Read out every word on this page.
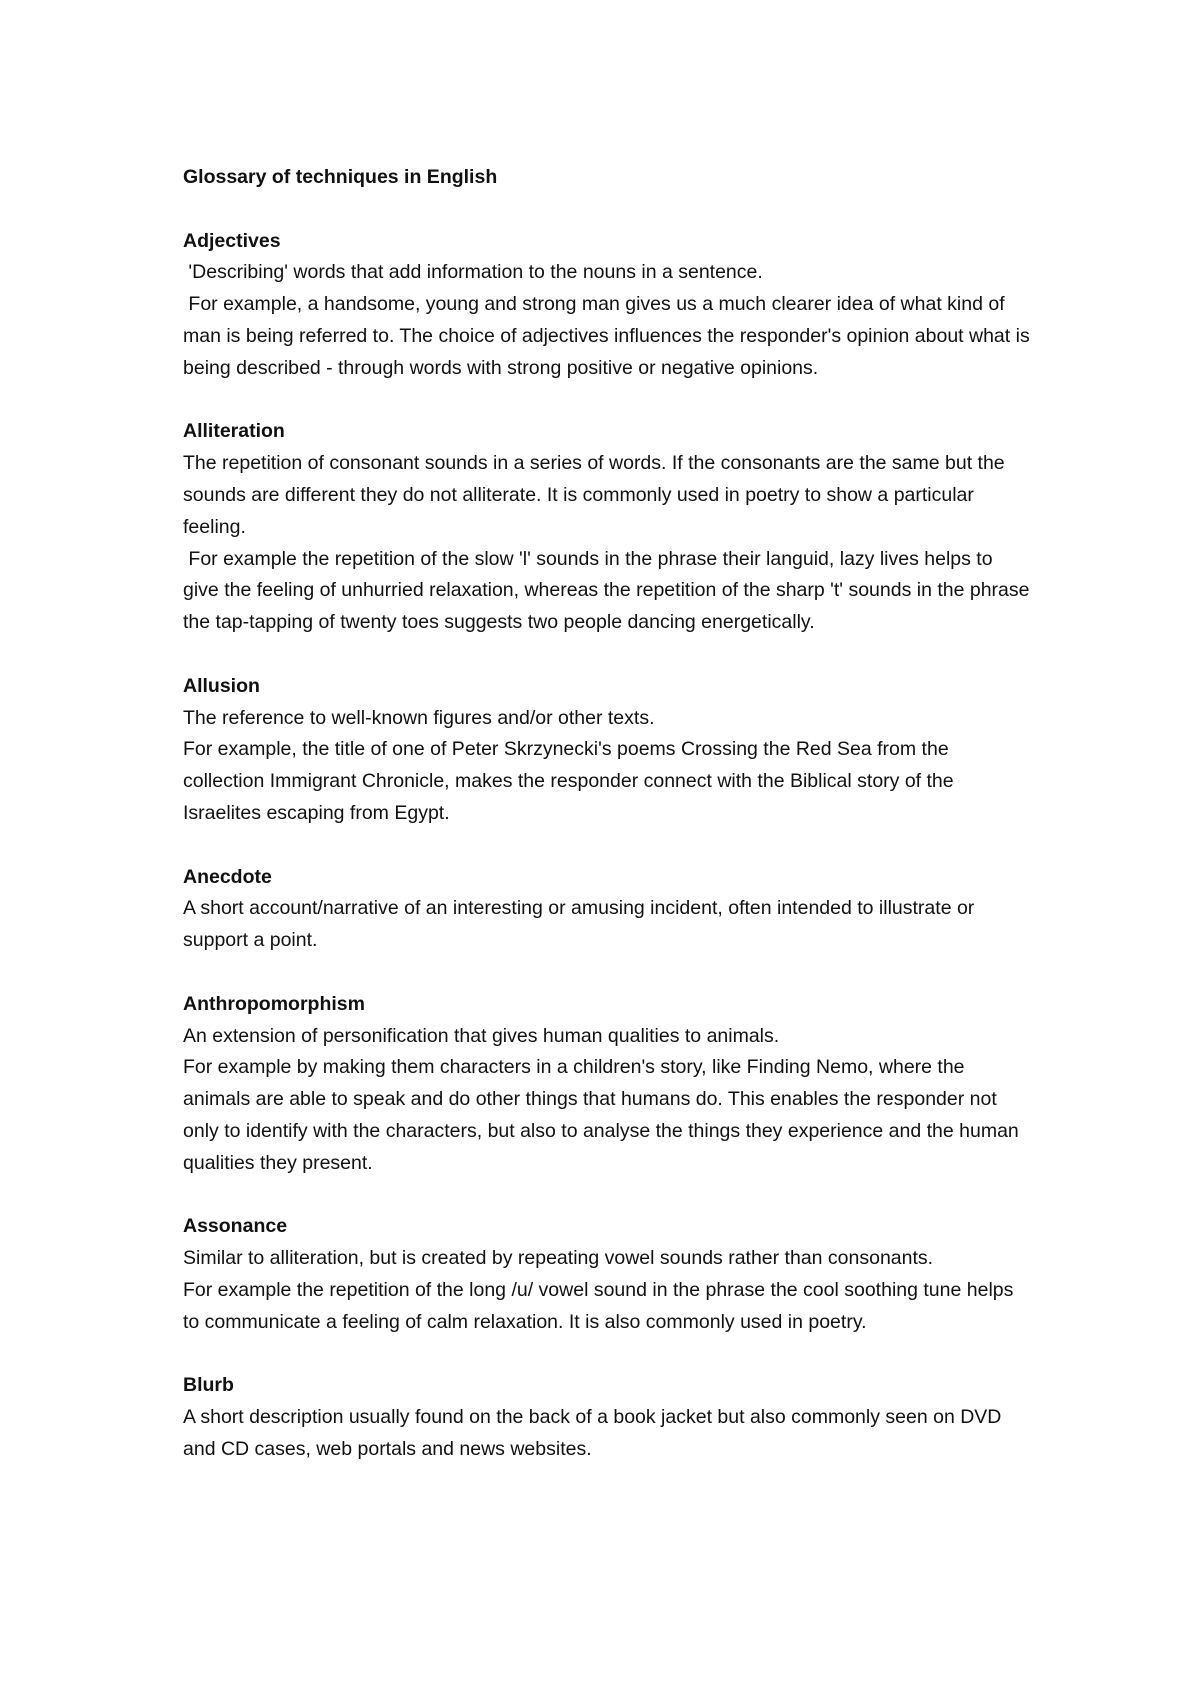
Glossary of techniques in English

Adjectives

'Describing' words that add information to the nouns in a sentence.

For example, a handsome, young and strong man gives us a much clearer idea of what kind of man is being referred to. The choice of adjectives influences the responder's opinion about what is being described - through words with strong positive or negative opinions.

Alliteration

The repetition of consonant sounds in a series of words. If the consonants are the same but the sounds are different they do not alliterate. It is commonly used in poetry to show a particular feeling.

For example the repetition of the slow 'l' sounds in the phrase their languid, lazy lives helps to give the feeling of unhurried relaxation, whereas the repetition of the sharp 't' sounds in the phrase the tap-tapping of twenty toes suggests two people dancing energetically.

Allusion

The reference to well-known figures and/or other texts.

For example, the title of one of Peter Skrzynecki's poems Crossing the Red Sea from the collection Immigrant Chronicle, makes the responder connect with the Biblical story of the Israelites escaping from Egypt.

Anecdote

A short account/narrative of an interesting or amusing incident, often intended to illustrate or support a point.

Anthropomorphism

An extension of personification that gives human qualities to animals.

For example by making them characters in a children's story, like Finding Nemo, where the animals are able to speak and do other things that humans do. This enables the responder not only to identify with the characters, but also to analyse the things they experience and the human qualities they present.

Assonance

Similar to alliteration, but is created by repeating vowel sounds rather than consonants.

For example the repetition of the long /u/ vowel sound in the phrase the cool soothing tune helps to communicate a feeling of calm relaxation. It is also commonly used in poetry.

Blurb

A short description usually found on the back of a book jacket but also commonly seen on DVD and CD cases, web portals and news websites.
